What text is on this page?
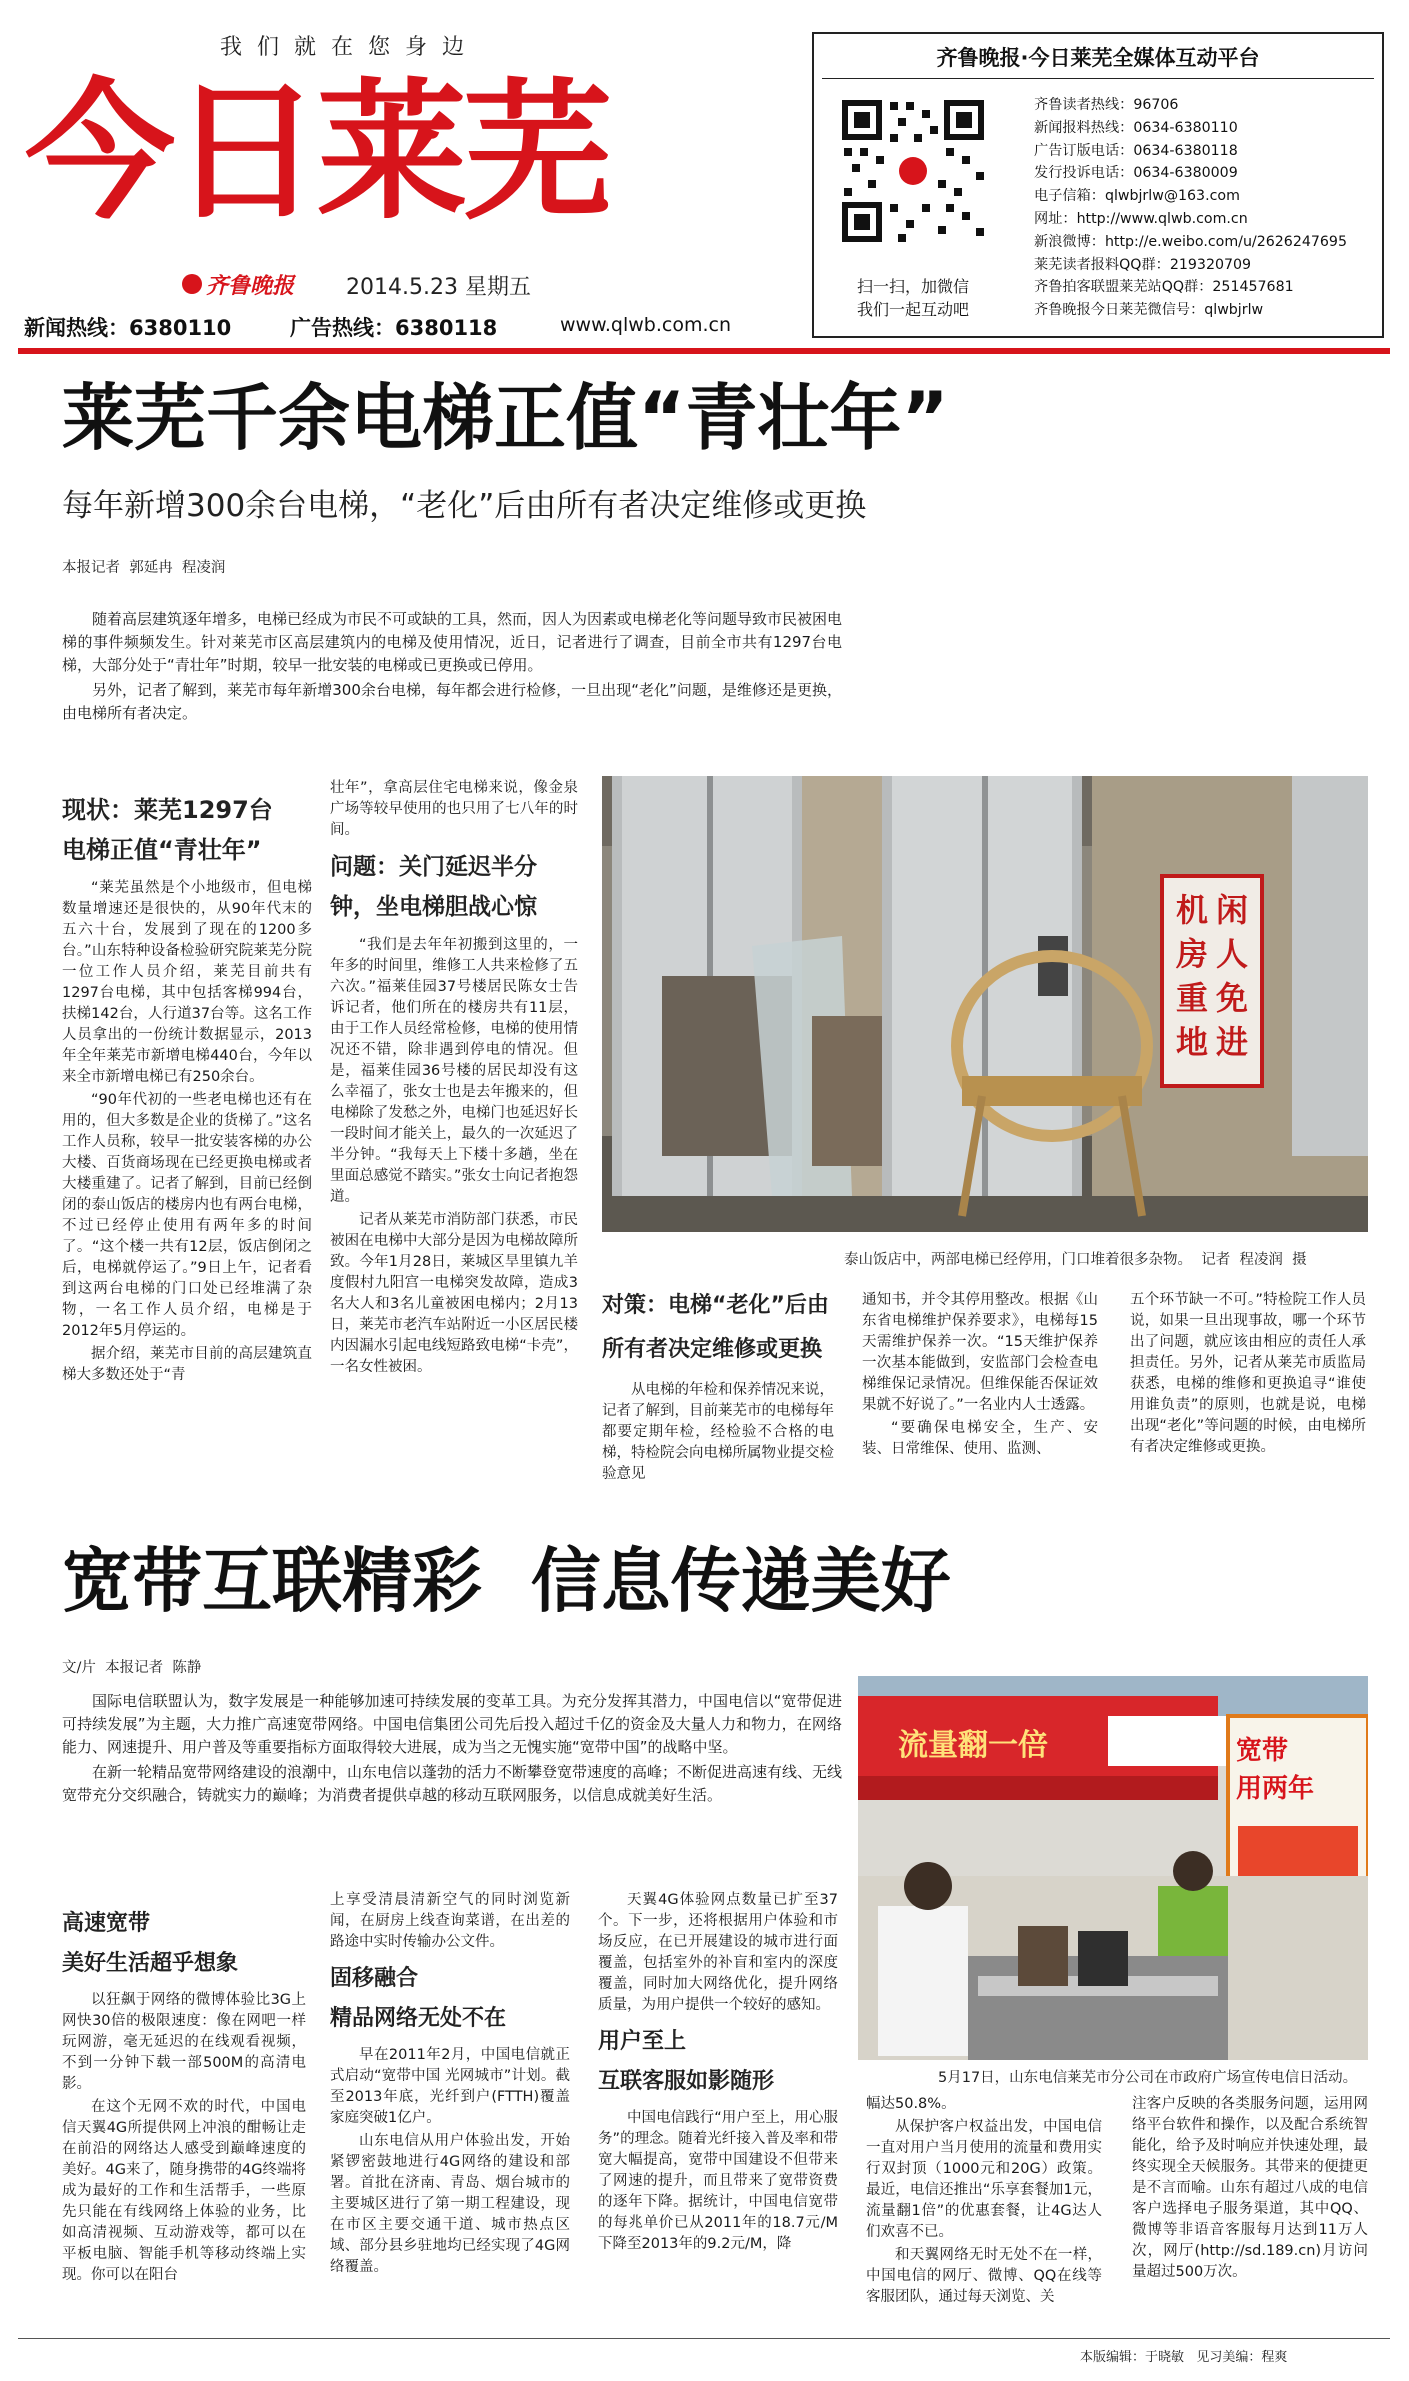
我 们 就 在 您 身 边
今日莱芜
齐鲁晚报 2014.5.23 星期五
新闻热线：6380110	广告热线：6380118	www.qlwb.com.cn
齐鲁晚报·今日莱芜全媒体互动平台
扫一扫，加微信
我们一起互动吧
齐鲁读者热线：96706
新闻报料热线：0634-6380110
广告订版电话：0634-6380118
发行投诉电话：0634-6380009
电子信箱：qlwbjrlw@163.com
网址：http://www.qlwb.com.cn
新浪微博：http://e.weibo.com/u/2626247695
莱芜读者报料QQ群：219320709
齐鲁拍客联盟莱芜站QQ群：251457681
齐鲁晚报今日莱芜微信号：qlwbjrlw
莱芜千余电梯正值“青壮年”
每年新增300余台电梯，“老化”后由所有者决定维修或更换
本报记者  郭延冉  程凌润

随着高层建筑逐年增多，电梯已经成为市民不可或缺的工具，然而，因人为因素或电梯老化等问题导致市民被困电梯的事件频频发生。针对莱芜市区高层建筑内的电梯及使用情况，近日，记者进行了调查，目前全市共有1297台电梯，大部分处于“青壮年”时期，较早一批安装的电梯或已更换或已停用。

另外，记者了解到，莱芜市每年新增300余台电梯，每年都会进行检修，一旦出现“老化”问题，是维修还是更换，由电梯所有者决定。

现状：莱芜1297台
电梯正值“青壮年”

“莱芜虽然是个小地级市，但电梯数量增速还是很快的，从90年代末的五六十台，发展到了现在的1200多台。”山东特种设备检验研究院莱芜分院一位工作人员介绍，莱芜目前共有1297台电梯，其中包括客梯994台，扶梯142台，人行道37台等。这名工作人员拿出的一份统计数据显示，2013年全年莱芜市新增电梯440台，今年以来全市新增电梯已有250余台。

“90年代初的一些老电梯也还有在用的，但大多数是企业的货梯了。”这名工作人员称，较早一批安装客梯的办公大楼、百货商场现在已经更换电梯或者大楼重建了。记者了解到，目前已经倒闭的泰山饭店的楼房内也有两台电梯，不过已经停止使用有两年多的时间了。“这个楼一共有12层，饭店倒闭之后，电梯就停运了。”9日上午，记者看到这两台电梯的门口处已经堆满了杂物，一名工作人员介绍，电梯是于2012年5月停运的。

据介绍，莱芜市目前的高层建筑直梯大多数还处于“青

壮年”，拿高层住宅电梯来说，像金泉广场等较早使用的也只用了七八年的时间。

问题：关门延迟半分
钟，坐电梯胆战心惊

“我们是去年年初搬到这里的，一年多的时间里，维修工人共来检修了五六次。”福莱佳园37号楼居民陈女士告诉记者，他们所在的楼房共有11层，由于工作人员经常检修，电梯的使用情况还不错，除非遇到停电的情况。但是，福莱佳园36号楼的居民却没有这么幸福了，张女士也是去年搬来的，但电梯除了发愁之外，电梯门也延迟好长一段时间才能关上，最久的一次延迟了半分钟。“我每天上下楼十多趟，坐在里面总感觉不踏实。”张女士向记者抱怨道。

记者从莱芜市消防部门获悉，市民被困在电梯中大部分是因为电梯故障所致。今年1月28日，莱城区旱里镇九羊度假村九阳宫一电梯突发故障，造成3名大人和3名儿童被困电梯内；2月13日，莱芜市老汽车站附近一小区居民楼内因漏水引起电线短路致电梯“卡壳”，一名女性被困。

机 闲
房 人
重 免
地 进
泰山饭店中，两部电梯已经停用，门口堆着很多杂物。  记者  程凌润  摄
对策：电梯“老化”后由
所有者决定维修或更换

从电梯的年检和保养情况来说，记者了解到，目前莱芜市的电梯每年都要定期年检，经检验不合格的电梯，特检院会向电梯所属物业提交检验意见

通知书，并令其停用整改。根据《山东省电梯维护保养要求》，电梯每15天需维护保养一次。“15天维护保养一次基本能做到，安监部门会检查电梯维保记录情况。但维保能否保证效果就不好说了。”一名业内人士透露。

“要确保电梯安全，生产、安装、日常维保、使用、监测、

五个环节缺一不可。”特检院工作人员说，如果一旦出现事故，哪一个环节出了问题，就应该由相应的责任人承担责任。另外，记者从莱芜市质监局获悉，电梯的维修和更换追寻“谁使用谁负责”的原则，也就是说，电梯出现“老化”等问题的时候，由电梯所有者决定维修或更换。

宽带互联精彩  信息传递美好
文/片  本报记者  陈静

国际电信联盟认为，数字发展是一种能够加速可持续发展的变革工具。为充分发挥其潜力，中国电信以“宽带促进可持续发展”为主题，大力推广高速宽带网络。中国电信集团公司先后投入超过千亿的资金及大量人力和物力，在网络能力、网速提升、用户普及等重要指标方面取得较大进展，成为当之无愧实施“宽带中国”的战略中坚。

在新一轮精品宽带网络建设的浪潮中，山东电信以蓬勃的活力不断攀登宽带速度的高峰；不断促进高速有线、无线宽带充分交织融合，铸就实力的巅峰；为消费者提供卓越的移动互联网服务，以信息成就美好生活。

流量翻一倍	宽带
用两年
5月17日，山东电信莱芜市分公司在市政府广场宣传电信日活动。
高速宽带
美好生活超乎想象

以狂飙于网络的微博体验比3G上网快30倍的极限速度：像在网吧一样玩网游，毫无延迟的在线观看视频，不到一分钟下载一部500M的高清电影。

在这个无网不欢的时代，中国电信天翼4G所提供网上冲浪的酣畅让走在前沿的网络达人感受到巅峰速度的美好。4G来了，随身携带的4G终端将成为最好的工作和生活帮手，一些原先只能在有线网络上体验的业务，比如高清视频、互动游戏等，都可以在平板电脑、智能手机等移动终端上实现。你可以在阳台

上享受清晨清新空气的同时浏览新闻，在厨房上线查询菜谱，在出差的路途中实时传输办公文件。

固移融合
精品网络无处不在

早在2011年2月，中国电信就正式启动“宽带中国 光网城市”计划。截至2013年底，光纤到户(FTTH)覆盖家庭突破1亿户。

山东电信从用户体验出发，开始紧锣密鼓地进行4G网络的建设和部署。首批在济南、青岛、烟台城市的主要城区进行了第一期工程建设，现在市区主要交通干道、城市热点区域、部分县乡驻地均已经实现了4G网络覆盖。

天翼4G体验网点数量已扩至37个。下一步，还将根据用户体验和市场反应，在已开展建设的城市进行面覆盖，包括室外的补盲和室内的深度覆盖，同时加大网络优化，提升网络质量，为用户提供一个较好的感知。

用户至上
互联客服如影随形

中国电信践行“用户至上，用心服务”的理念。随着光纤接入普及率和带宽大幅提高，宽带中国建设不但带来了网速的提升，而且带来了宽带资费的逐年下降。据统计，中国电信宽带的每兆单价已从2011年的18.7元/M下降至2013年的9.2元/M，降

幅达50.8%。

从保护客户权益出发，中国电信一直对用户当月使用的流量和费用实行双封顶（1000元和20G）政策。最近，电信还推出“乐享套餐加1元，流量翻1倍”的优惠套餐，让4G达人们欢喜不已。

和天翼网络无时无处不在一样，中国电信的网厅、微博、QQ在线等客服团队，通过每天浏览、关

注客户反映的各类服务问题，运用网络平台软件和操作，以及配合系统智能化，给予及时响应并快速处理，最终实现全天候服务。其带来的便捷更是不言而喻。山东有超过八成的电信客户选择电子服务渠道，其中QQ、微博等非语音客服每月达到11万人次，网厅(http://sd.189.cn)月访问量超过500万次。

本版编辑：于晓敏   见习美编：程爽
